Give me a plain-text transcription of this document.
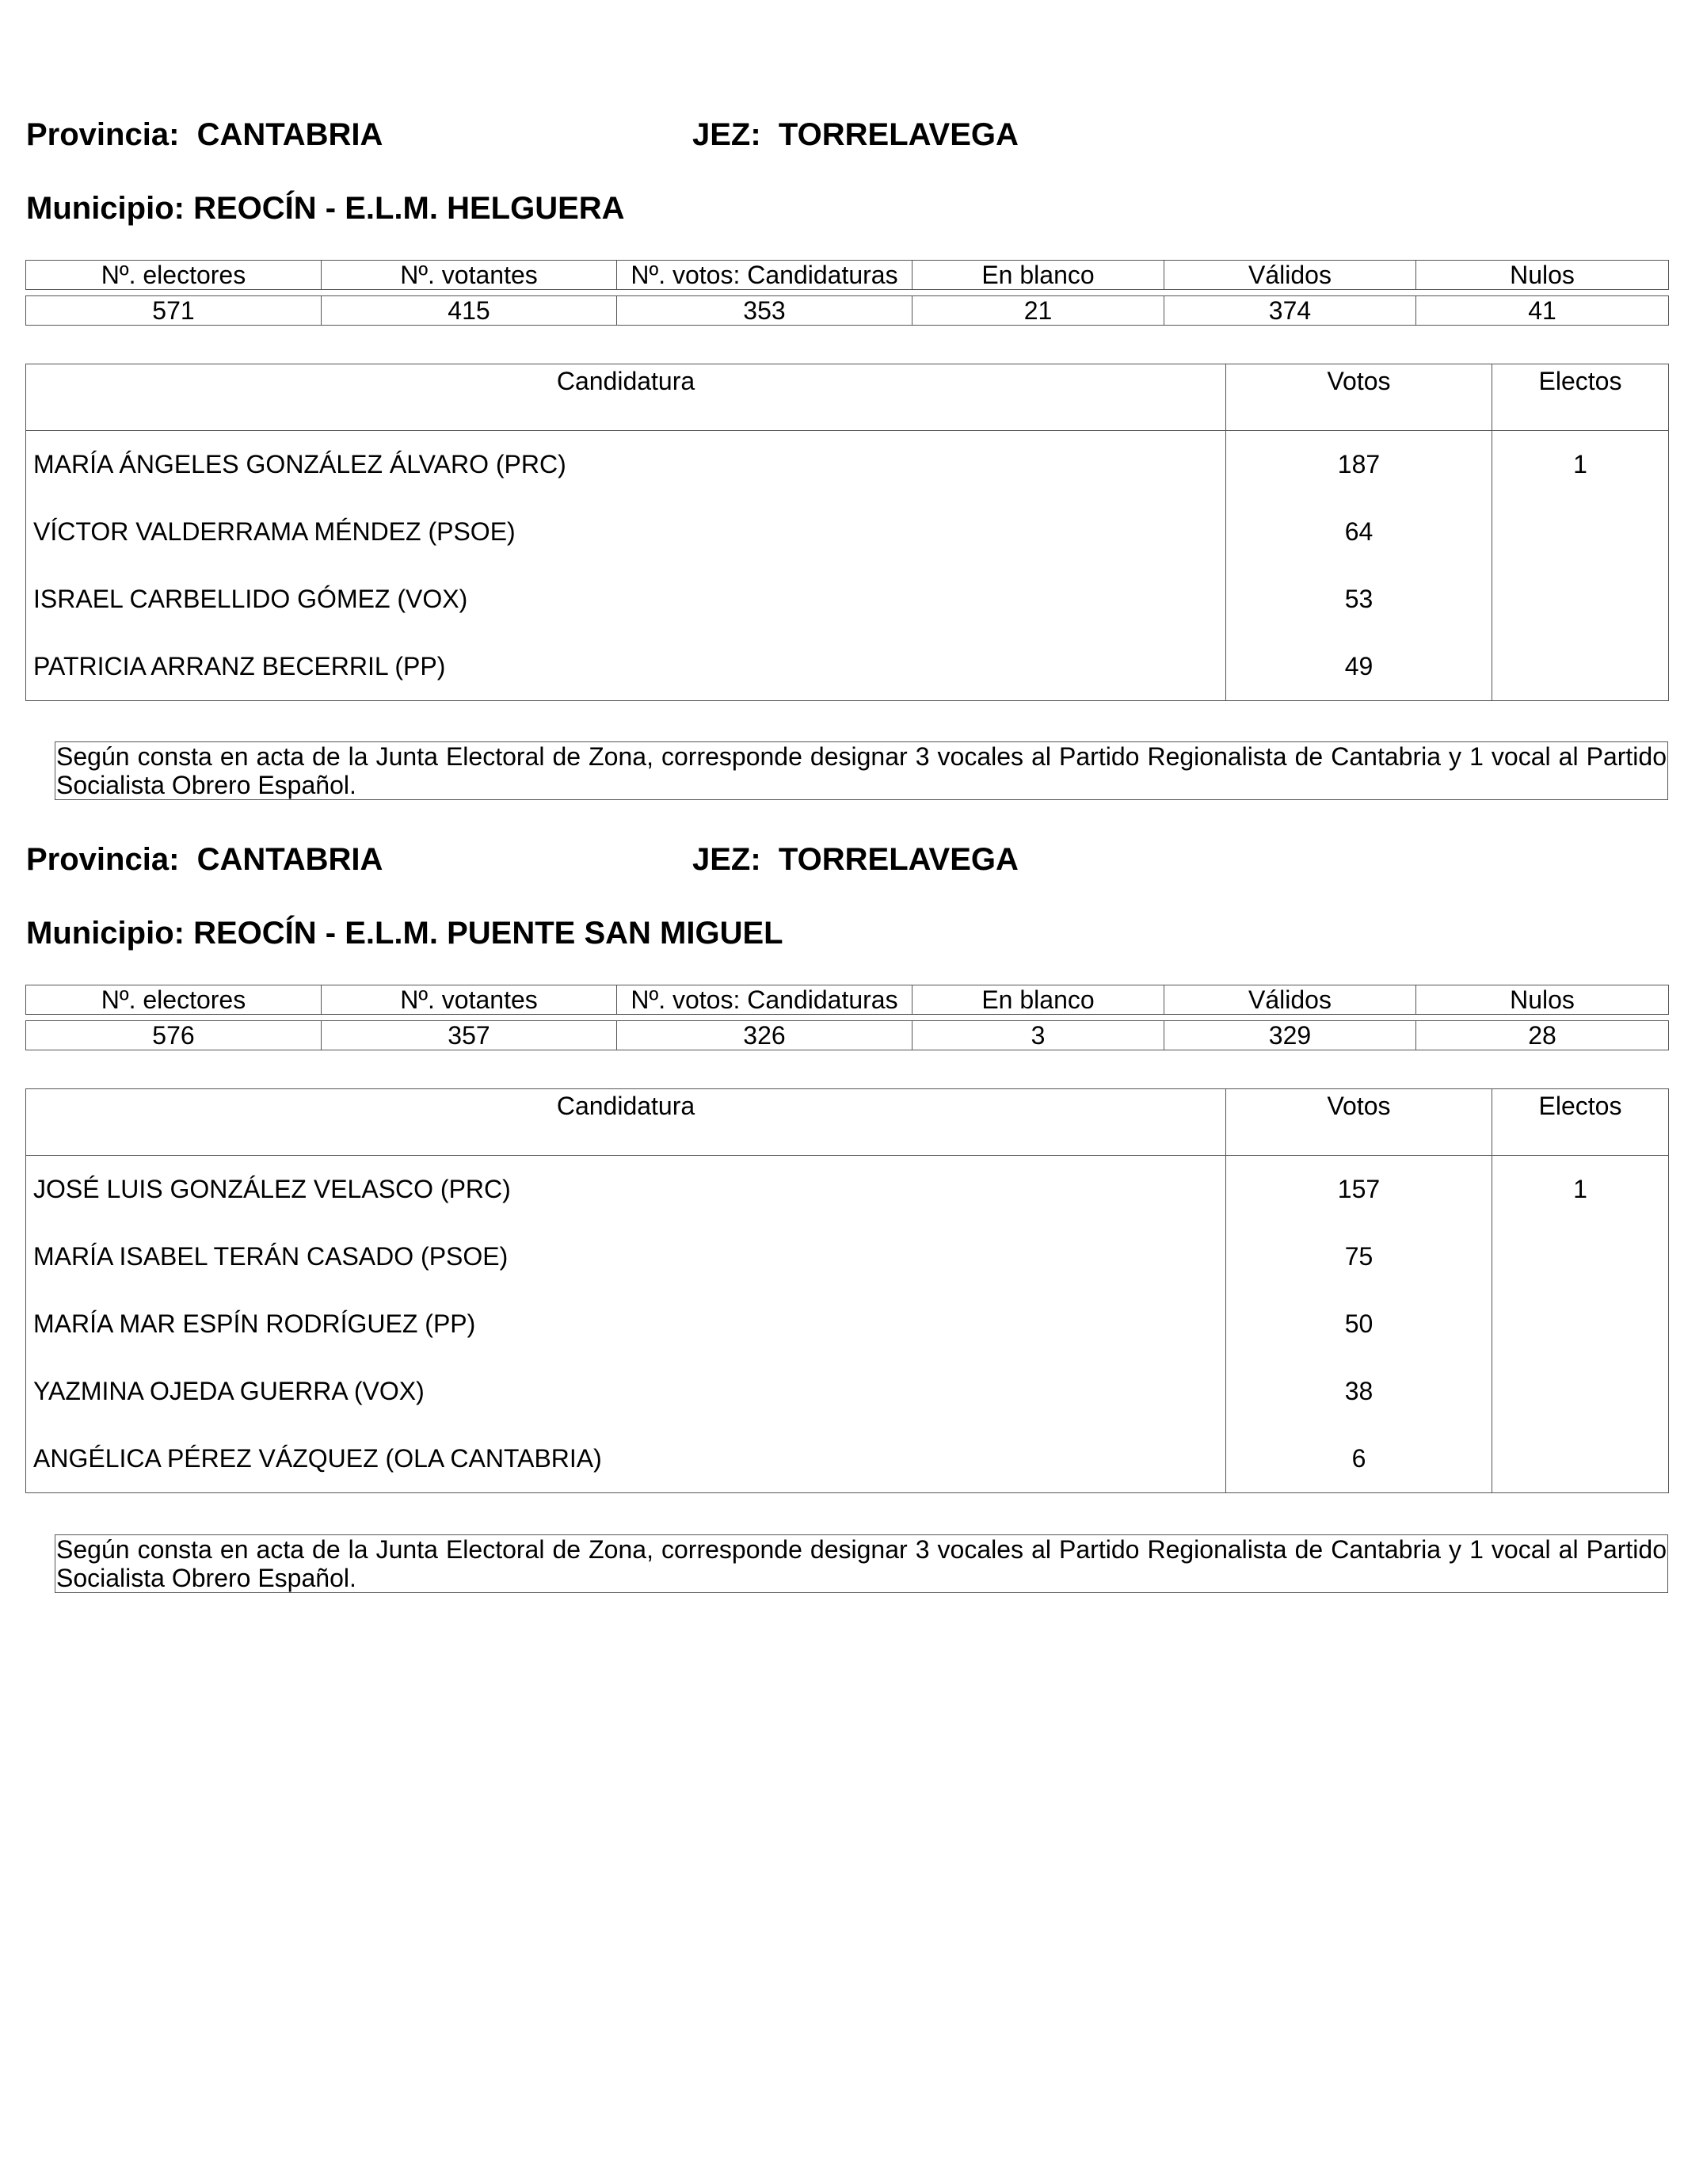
Provincia: CANTABRIA	JEZ: TORRELAVEGA
Municipio: REOCÍN - E.L.M. HELGUERA
Nº. electores	Nº. votantes	Nº. votos: Candidaturas	En blanco	Válidos	Nulos

571	415	353	21	374	41
Candidatura	Votos	Electos
MARÍA ÁNGELES GONZÁLEZ ÁLVARO (PRC)	187	1
VÍCTOR VALDERRAMA MÉNDEZ (PSOE)	64	
ISRAEL CARBELLIDO GÓMEZ (VOX)	53	
PATRICIA ARRANZ BECERRIL (PP)	49	
Según consta en acta de la Junta Electoral de Zona, corresponde designar 3 vocales al Partido Regionalista de Cantabria y 1 vocal al Partido Socialista Obrero Español.
Provincia: CANTABRIA	JEZ: TORRELAVEGA
Municipio: REOCÍN - E.L.M. PUENTE SAN MIGUEL
Nº. electores	Nº. votantes	Nº. votos: Candidaturas	En blanco	Válidos	Nulos

576	357	326	3	329	28
Candidatura	Votos	Electos
JOSÉ LUIS GONZÁLEZ VELASCO (PRC)	157	1
MARÍA ISABEL TERÁN CASADO (PSOE)	75	
MARÍA MAR ESPÍN RODRÍGUEZ (PP)	50	
YAZMINA OJEDA GUERRA (VOX)	38	
ANGÉLICA PÉREZ VÁZQUEZ (OLA CANTABRIA)	6	
Según consta en acta de la Junta Electoral de Zona, corresponde designar 3 vocales al Partido Regionalista de Cantabria y 1 vocal al Partido Socialista Obrero Español.
